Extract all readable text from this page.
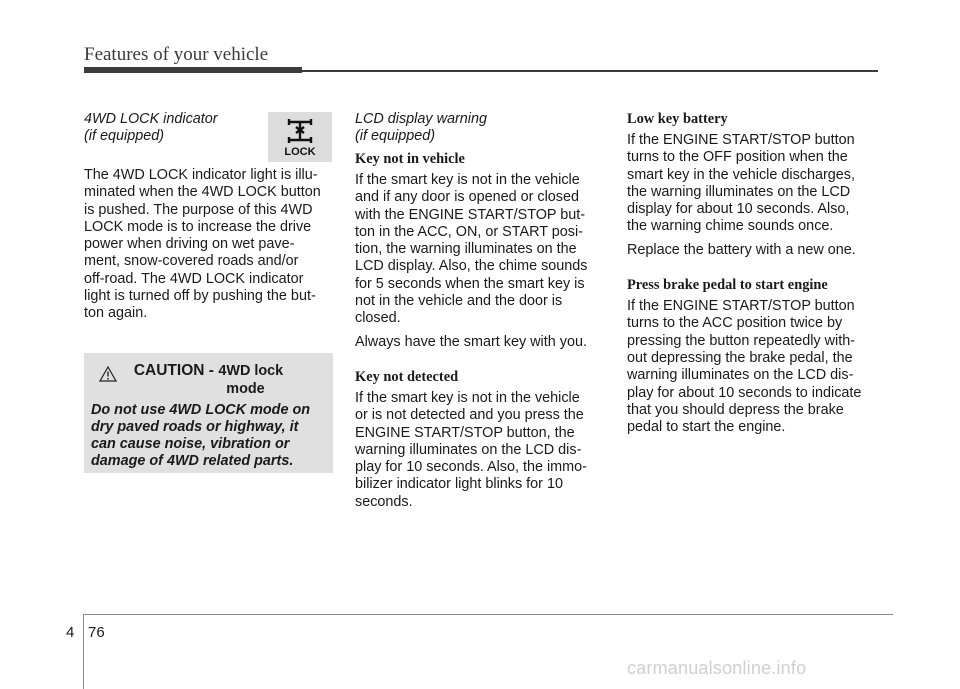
Features of your vehicle
4WD LOCK indicator
(if equipped)

The 4WD LOCK indicator light is illu-
minated when the 4WD LOCK button
is pushed. The purpose of this 4WD
LOCK mode is to increase the drive
power when driving on wet pave-
ment, snow-covered roads and/or
off-road. The 4WD LOCK indicator
light is turned off by pushing the but-
ton again.

LOCK
CAUTION - 4WD lock
mode
Do not use 4WD LOCK mode on
dry paved roads or highway, it
can cause noise, vibration or
damage of 4WD related parts.
LCD display warning
(if equipped)
Key not in vehicle

If the smart key is not in the vehicle
and if any door is opened or closed
with the ENGINE START/STOP but-
ton in the ACC, ON, or START posi-
tion, the warning illuminates on the
LCD display. Also, the chime sounds
for 5 seconds when the smart key is
not in the vehicle and the door is
closed.

Always have the smart key with you.

Key not detected

If the smart key is not in the vehicle
or is not detected and you press the
ENGINE START/STOP button, the
warning illuminates on the LCD dis-
play for 10 seconds. Also, the immo-
bilizer indicator light blinks for 10
seconds.

Low key battery

If the ENGINE START/STOP button
turns to the OFF position when the
smart key in the vehicle discharges,
the warning illuminates on the LCD
display for about 10 seconds. Also,
the warning chime sounds once.

Replace the battery with a new one.

Press brake pedal to start engine

If the ENGINE START/STOP button
turns to the ACC position twice by
pressing the button repeatedly with-
out depressing the brake pedal, the
warning illuminates on the LCD dis-
play for about 10 seconds to indicate
that you should depress the brake
pedal to start the engine.

4 76
carmanualsonline.info
